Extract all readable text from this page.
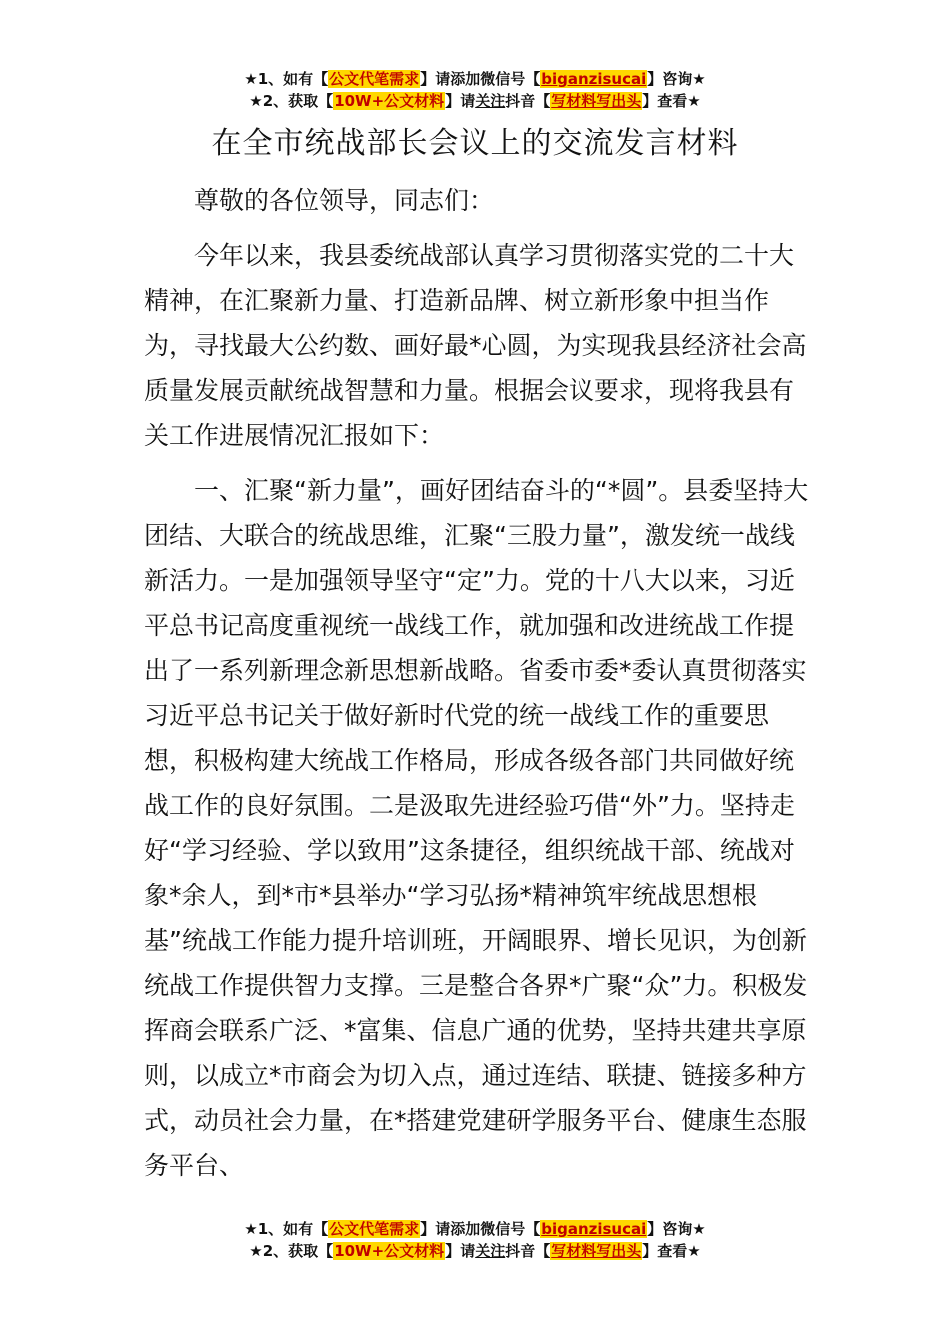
★1、如有【公文代笔需求】请添加微信号【biganzisucai】咨询★
★2、获取【10W+公文材料】请关注抖音【写材料写出头】查看★
在全市统战部长会议上的交流发言材料

尊敬的各位领导，同志们：

今年以来，我县委统战部认真学习贯彻落实党的二十大精神，在汇聚新力量、打造新品牌、树立新形象中担当作为，寻找最大公约数、画好最*心圆，为实现我县经济社会高质量发展贡献统战智慧和力量。根据会议要求，现将我县有关工作进展情况汇报如下：

一、汇聚“新力量”，画好团结奋斗的“*圆”。县委坚持大团结、大联合的统战思维，汇聚“三股力量”，激发统一战线新活力。一是加强领导坚守“定”力。党的十八大以来，习近平总书记高度重视统一战线工作，就加强和改进统战工作提出了一系列新理念新思想新战略。省委市委*委认真贯彻落实习近平总书记关于做好新时代党的统一战线工作的重要思想，积极构建大统战工作格局，形成各级各部门共同做好统战工作的良好氛围。二是汲取先进经验巧借“外”力。坚持走好“学习经验、学以致用”这条捷径，组织统战干部、统战对象*余人，到*市*县举办“学习弘扬*精神筑牢统战思想根基”统战工作能力提升培训班，开阔眼界、增长见识，为创新统战工作提供智力支撑。三是整合各界*广聚“众”力。积极发挥商会联系广泛、*富集、信息广通的优势，坚持共建共享原则，以成立*市商会为切入点，通过连结、联捷、链接多种方式，动员社会力量，在*搭建党建研学服务平台、健康生态服务平台、

★1、如有【公文代笔需求】请添加微信号【biganzisucai】咨询★
★2、获取【10W+公文材料】请关注抖音【写材料写出头】查看★
